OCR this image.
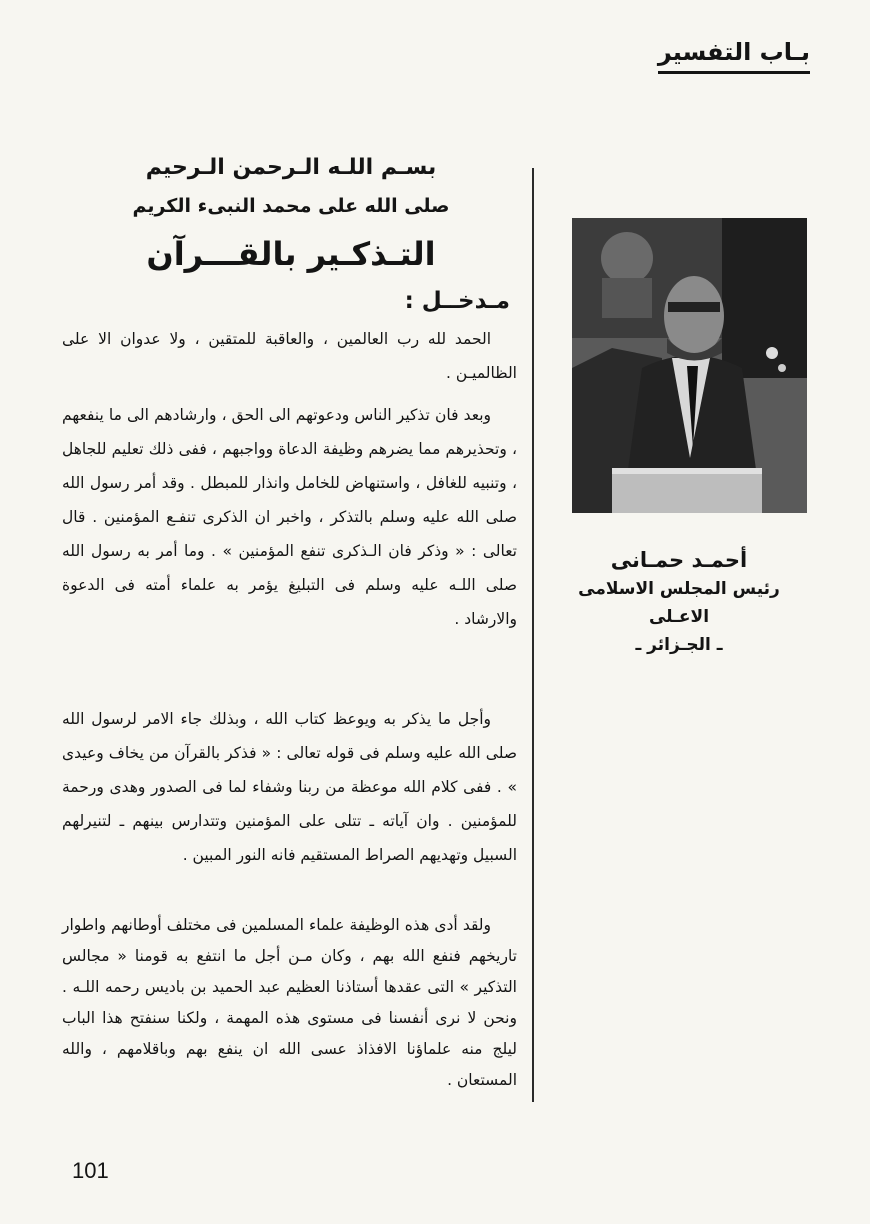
بـاب التفسير
بسـم اللـه الـرحمن الـرحيم
صلى الله على محمد النبىء الكريم
التـذكـير بالقـــرآن
مـدخــل :

الحمد لله رب العالمين ، والعاقبة للمتقين ، ولا عدوان الا على الظالميـن .

وبعد فان تذكير الناس ودعوتهم الى الحق ، وارشادهم الى ما ينفعهم ، وتحذيرهم مما يضرهم وظيفة الدعاة وواجبهم ، ففى ذلك تعليم للجاهل ، وتنبيه للغافل ، واستنهاض للخامل وانذار للمبطل . وقد أمر رسول الله صلى الله عليه وسلم بالتذكر ، واخبر ان الذكرى تنفـع المؤمنين . قال تعالى : « وذكر فان الـذكرى تنفع المؤمنين » . وما أمر به رسول الله صلى اللـه عليه وسلم فى التبليغ يؤمر به علماء أمته فى الدعوة والارشاد .

وأجل ما يذكر به ويوعظ كتاب الله ، وبذلك جاء الامر لرسول الله صلى الله عليه وسلم فى قوله تعالى : « فذكر بالقرآن من يخاف وعيدى » . ففى كلام الله موعظة من ربنا وشفاء لما فى الصدور وهدى ورحمة للمؤمنين . وان آياته ـ تتلى على المؤمنين وتتدارس بينهم ـ لتنيرلهم السبيل وتهديهم الصراط المستقيم فانه النور المبين .

ولقد أدى هذه الوظيفة علماء المسلمين فى مختلف أوطانهم واطوار تاريخهم فنفع الله بهم ، وكان مـن أجل ما انتفع به قومنا « مجالس التذكير » التى عقدها أستاذنا العظيم عبد الحميد بن باديس رحمه اللـه . ونحن لا نرى أنفسنا فى مستوى هذه المهمة ، ولكنا سنفتح هذا الباب ليلج منه علماؤنا الافذاذ عسى الله ان ينفع بهم وباقلامهم ، والله المستعان .

أحمـد حمـانى
رئيس المجلس الاسلامى الاعـلى
ـ الجـزائر ـ
101
